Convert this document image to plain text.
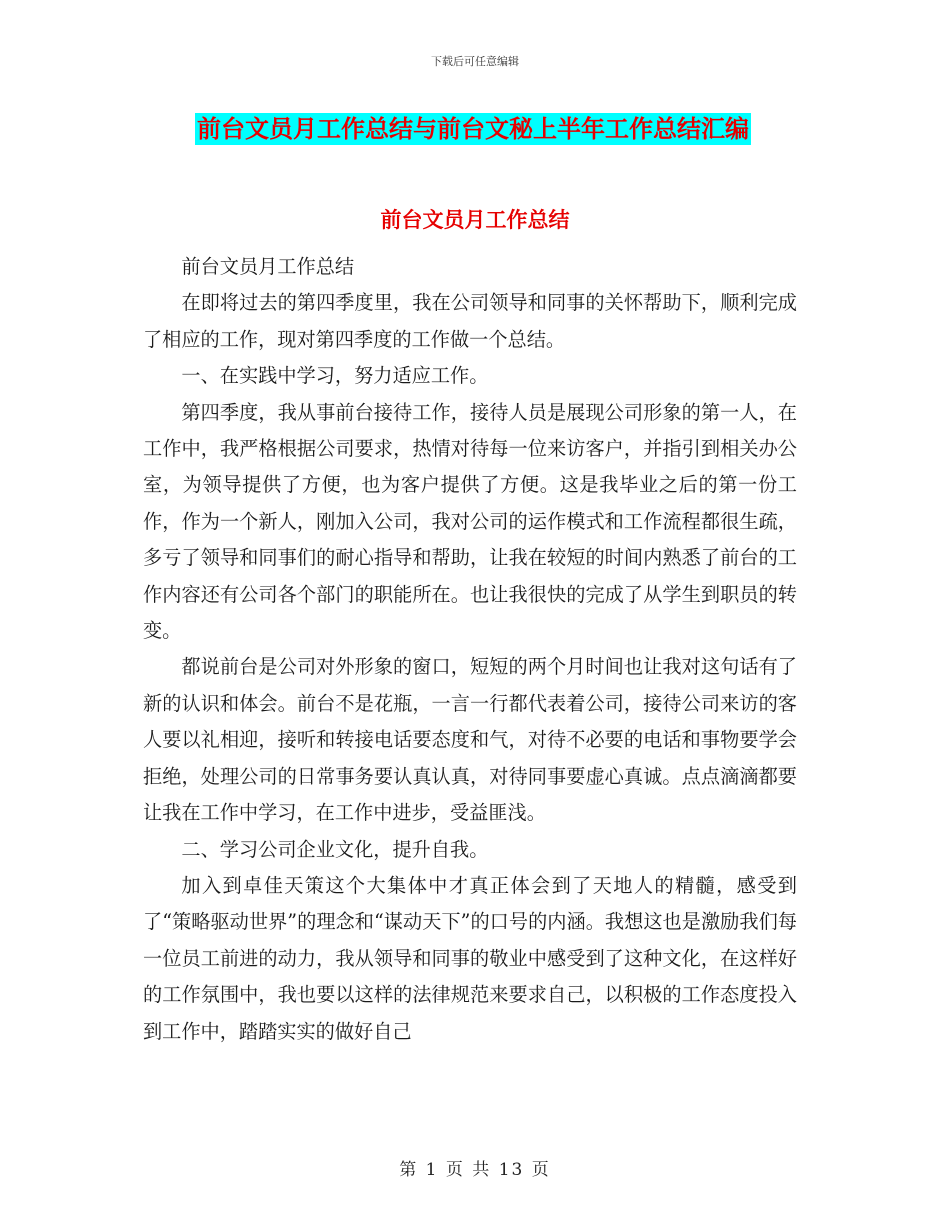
下载后可任意编辑
前台文员月工作总结与前台文秘上半年工作总结汇编
前台文员月工作总结

前台文员月工作总结

在即将过去的第四季度里，我在公司领导和同事的关怀帮助下，顺利完成了相应的工作，现对第四季度的工作做一个总结。

一、在实践中学习，努力适应工作。

第四季度，我从事前台接待工作，接待人员是展现公司形象的第一人，在工作中，我严格根据公司要求，热情对待每一位来访客户，并指引到相关办公室，为领导提供了方便，也为客户提供了方便。这是我毕业之后的第一份工作，作为一个新人，刚加入公司，我对公司的运作模式和工作流程都很生疏，多亏了领导和同事们的耐心指导和帮助，让我在较短的时间内熟悉了前台的工作内容还有公司各个部门的职能所在。也让我很快的完成了从学生到职员的转变。

都说前台是公司对外形象的窗口，短短的两个月时间也让我对这句话有了新的认识和体会。前台不是花瓶，一言一行都代表着公司，接待公司来访的客人要以礼相迎，接听和转接电话要态度和气，对待不必要的电话和事物要学会拒绝，处理公司的日常事务要认真认真，对待同事要虚心真诚。点点滴滴都要让我在工作中学习，在工作中进步，受益匪浅。

二、学习公司企业文化，提升自我。

加入到卓佳天策这个大集体中才真正体会到了天地人的精髓，感受到了“策略驱动世界”的理念和“谋动天下”的口号的内涵。我想这也是激励我们每一位员工前进的动力，我从领导和同事的敬业中感受到了这种文化，在这样好的工作氛围中，我也要以这样的法律规范来要求自己，以积极的工作态度投入到工作中，踏踏实实的做好自己

第 1 页 共 13 页
